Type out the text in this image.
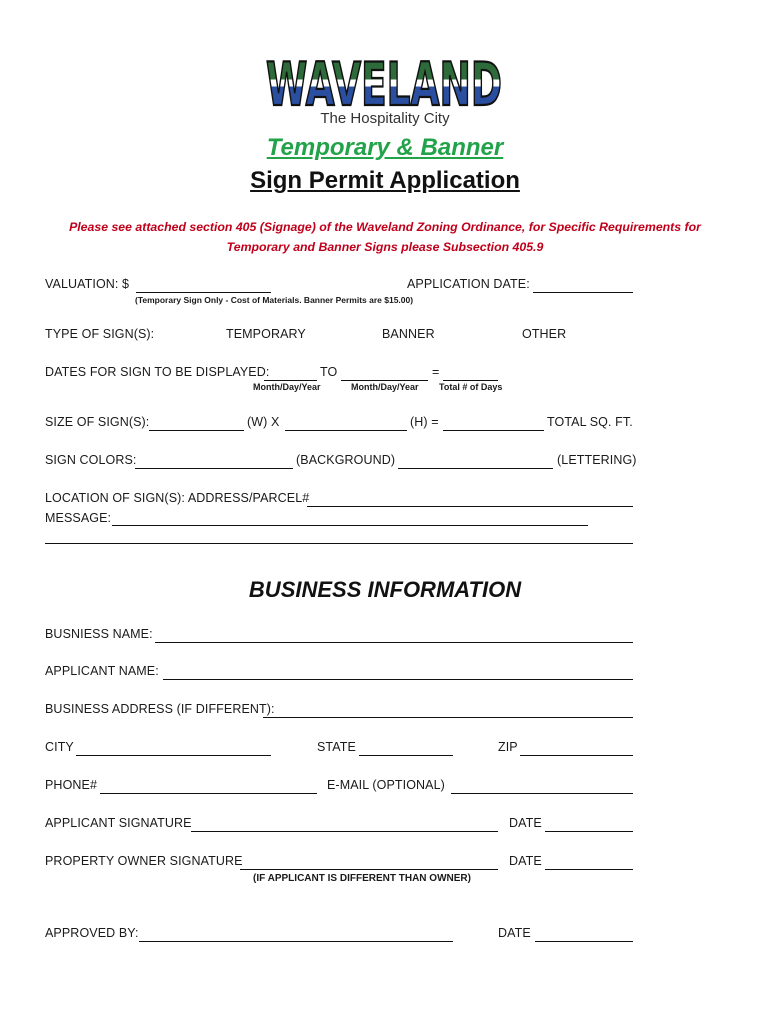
W
WAVELAND
The Hospitality City
Temporary & Banner
Sign Permit Application
Please see attached section 405 (Signage) of the Waveland Zoning Ordinance, for Specific Requirements for
Temporary and Banner Signs please Subsection 405.9
VALUATION: $	APPLICATION DATE:
(Temporary Sign Only - Cost of Materials. Banner Permits are $15.00)
TYPE OF SIGN(S):	TEMPORARY	BANNER	OTHER
DATES FOR SIGN TO BE DISPLAYED:	TO	=
Month/Day/Year	Month/Day/Year Total # of Days
SIZE OF SIGN(S):	(W) X	(H) =	TOTAL SQ. FT.
SIGN COLORS:	(BACKGROUND)	(LETTERING)
LOCATION OF SIGN(S): ADDRESS/PARCEL#
MESSAGE:
BUSINESS INFORMATION
BUSNIESS NAME:
APPLICANT NAME:
BUSINESS ADDRESS (IF DIFFERENT):
CITY	STATE	ZIP
PHONE#	E-MAIL (OPTIONAL)
APPLICANT SIGNATURE	DATE
PROPERTY OWNER SIGNATURE	DATE
(IF APPLICANT IS DIFFERENT THAN OWNER)
APPROVED BY:	DATE
